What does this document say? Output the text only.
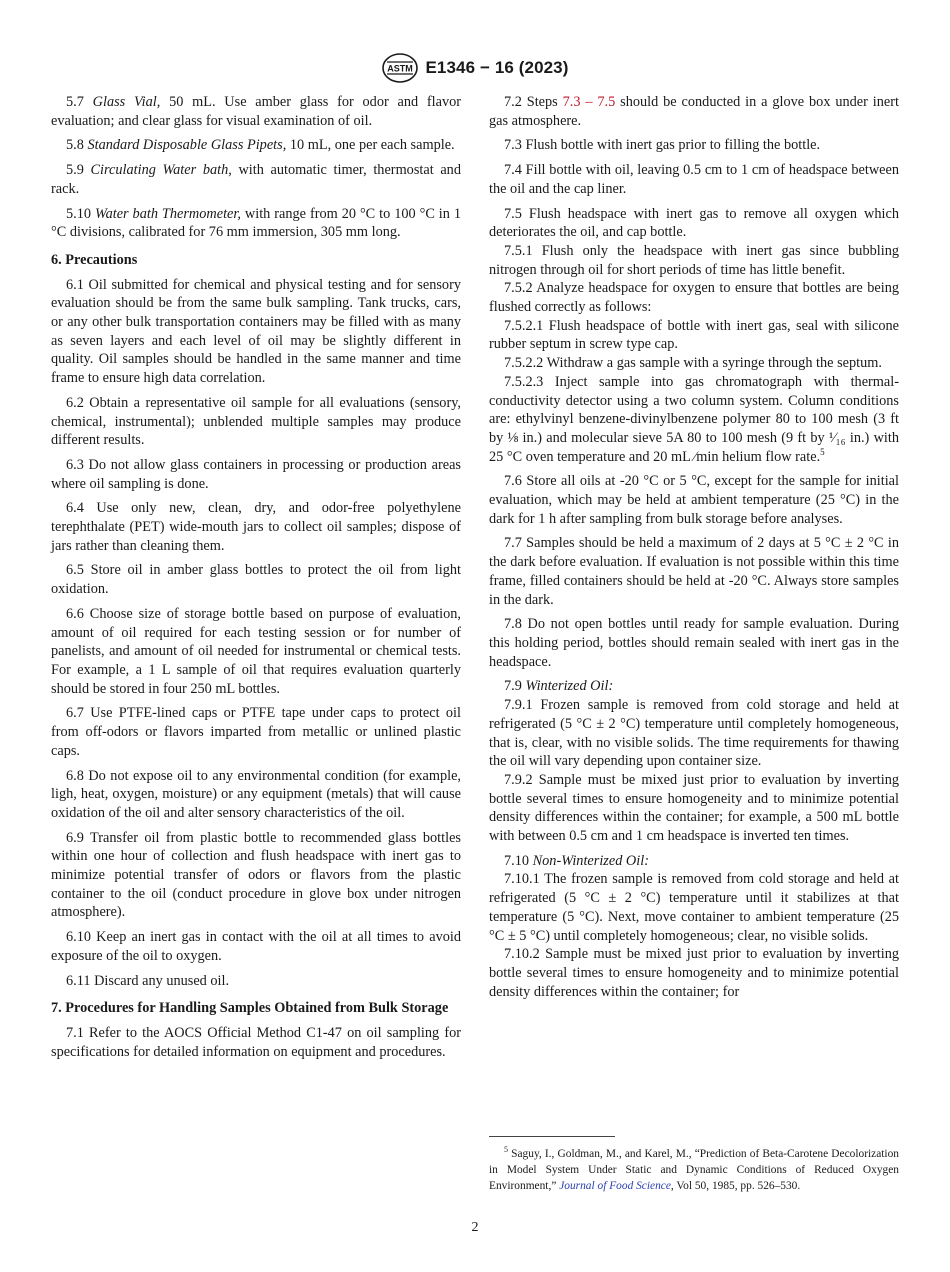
ASTM E1346 − 16 (2023)

5.7 Glass Vial, 50 mL. Use amber glass for odor and flavor evaluation; and clear glass for visual examination of oil.

5.8 Standard Disposable Glass Pipets, 10 mL, one per each sample.

5.9 Circulating Water bath, with automatic timer, thermostat and rack.

5.10 Water bath Thermometer, with range from 20 °C to 100 °C in 1 °C divisions, calibrated for 76 mm immersion, 305 mm long.

6. Precautions

6.1 Oil submitted for chemical and physical testing and for sensory evaluation should be from the same bulk sampling. Tank trucks, cars, or any other bulk transportation containers may be filled with as many as seven layers and each level of oil may be slightly different in quality. Oil samples should be handled in the same manner and time frame to ensure high data correlation.

6.2 Obtain a representative oil sample for all evaluations (sensory, chemical, instrumental); unblended multiple samples may produce different results.

6.3 Do not allow glass containers in processing or production areas where oil sampling is done.

6.4 Use only new, clean, dry, and odor-free polyethylene terephthalate (PET) wide-mouth jars to collect oil samples; dispose of jars rather than cleaning them.

6.5 Store oil in amber glass bottles to protect the oil from light oxidation.

6.6 Choose size of storage bottle based on purpose of evaluation, amount of oil required for each testing session or for number of panelists, and amount of oil needed for instrumental or chemical tests. For example, a 1 L sample of oil that requires evaluation quarterly should be stored in four 250 mL bottles.

6.7 Use PTFE-lined caps or PTFE tape under caps to protect oil from off-odors or flavors imparted from metallic or unlined plastic caps.

6.8 Do not expose oil to any environmental condition (for example, ligh, heat, oxygen, moisture) or any equipment (metals) that will cause oxidation of the oil and alter sensory characteristics of the oil.

6.9 Transfer oil from plastic bottle to recommended glass bottles within one hour of collection and flush headspace with inert gas to minimize potential transfer of odors or flavors from the plastic container to the oil (conduct procedure in glove box under nitrogen atmosphere).

6.10 Keep an inert gas in contact with the oil at all times to avoid exposure of the oil to oxygen.

6.11 Discard any unused oil.

7. Procedures for Handling Samples Obtained from Bulk Storage

7.1 Refer to the AOCS Official Method C1-47 on oil sampling for specifications for detailed information on equipment and procedures.

7.2 Steps 7.3 – 7.5 should be conducted in a glove box under inert gas atmosphere.

7.3 Flush bottle with inert gas prior to filling the bottle.

7.4 Fill bottle with oil, leaving 0.5 cm to 1 cm of headspace between the oil and the cap liner.

7.5 Flush headspace with inert gas to remove all oxygen which deteriorates the oil, and cap bottle.

7.5.1 Flush only the headspace with inert gas since bubbling nitrogen through oil for short periods of time has little benefit.

7.5.2 Analyze headspace for oxygen to ensure that bottles are being flushed correctly as follows:

7.5.2.1 Flush headspace of bottle with inert gas, seal with silicone rubber septum in screw type cap.

7.5.2.2 Withdraw a gas sample with a syringe through the septum.

7.5.2.3 Inject sample into gas chromatograph with thermal-conductivity detector using a two column system. Column conditions are: ethylvinyl benzene-divinylbenzene polymer 80 to 100 mesh (3 ft by ⅛ in.) and molecular sieve 5A 80 to 100 mesh (9 ft by ¹⁄₁₆ in.) with 25 °C oven temperature and 20 mL ⁄min helium flow rate.$^5$

7.6 Store all oils at -20 °C or 5 °C, except for the sample for initial evaluation, which may be held at ambient temperature (25 °C) in the dark for 1 h after sampling from bulk storage before analyses.

7.7 Samples should be held a maximum of 2 days at 5 °C ± 2 °C in the dark before evaluation. If evaluation is not possible within this time frame, filled containers should be held at -20 °C. Always store samples in the dark.

7.8 Do not open bottles until ready for sample evaluation. During this holding period, bottles should remain sealed with inert gas in the headspace.

7.9 Winterized Oil:

7.9.1 Frozen sample is removed from cold storage and held at refrigerated (5 °C ± 2 °C) temperature until completely homogeneous, that is, clear, with no visible solids. The time requirements for thawing the oil will vary depending upon container size.

7.9.2 Sample must be mixed just prior to evaluation by inverting bottle several times to ensure homogeneity and to minimize potential density differences within the container; for example, a 500 mL bottle with between 0.5 cm and 1 cm headspace is inverted ten times.

7.10 Non-Winterized Oil:

7.10.1 The frozen sample is removed from cold storage and held at refrigerated (5 °C ± 2 °C) temperature until it stabilizes at that temperature (5 °C). Next, move container to ambient temperature (25 °C ± 5 °C) until completely homogeneous; clear, no visible solids.

7.10.2 Sample must be mixed just prior to evaluation by inverting bottle several times to ensure homogeneity and to minimize potential density differences within the container; for

$^5$ Saguy, I., Goldman, M., and Karel, M., “Prediction of Beta-Carotene Decolorization in Model System Under Static and Dynamic Conditions of Reduced Oxygen Environment,” Journal of Food Science, Vol 50, 1985, pp. 526–530.
2
